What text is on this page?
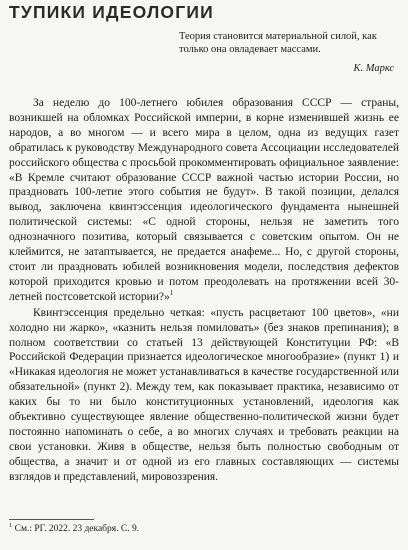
ТУПИКИ ИДЕОЛОГИИ
Теория становится материальной силой, как только она овладевает массами.
К. Маркс

За неделю до 100-летнего юбилея образования СССР — страны, возникшей на обломках Российской империи, в корне изменившей жизнь ее народов, а во многом — и всего мира в целом, одна из ведущих газет обратилась к руководству Международного совета Ассоциации исследователей российского общества с просьбой прокомментировать официальное заявление: «В Кремле считают образование СССР важной частью истории России, но праздновать 100-летие этого события не будут». В такой позиции, делался вывод, заключена квинтэссенция идеологического фундамента нынешней политической системы: «С одной стороны, нельзя не заметить того однозначного позитива, который связывается с советским опытом. Он не клеймится, не затаптывается, не предается анафеме... Но, с другой стороны, стоит ли праздновать юбилей возникновения модели, последствия дефектов которой приходится кровью и потом преодолевать на протяжении всей 30-летней постсоветской истории?»$^1$

Квинтэссенция предельно четкая: «пусть расцветают 100 цветов», «ни холодно ни жарко», «казнить нельзя помиловать» (без знаков препинания); в полном соответствии со статьей 13 действующей Конституции РФ: «В Российской Федерации признается идеологическое многообразие» (пункт 1) и «Никакая идеология не может устанавливаться в качестве государственной или обязательной» (пункт 2). Между тем, как показывает практика, независимо от каких бы то ни было конституционных установлений, идеология как объективно существующее явление общественно-политической жизни будет постоянно напоминать о себе, а во многих случаях и требовать реакции на свои установки. Живя в обществе, нельзя быть полностью свободным от общества, а значит и от одной из его главных составляющих — системы взглядов и представлений, мировоззрения.

$^1$ См.: РГ. 2022. 23 декабря. С. 9.
